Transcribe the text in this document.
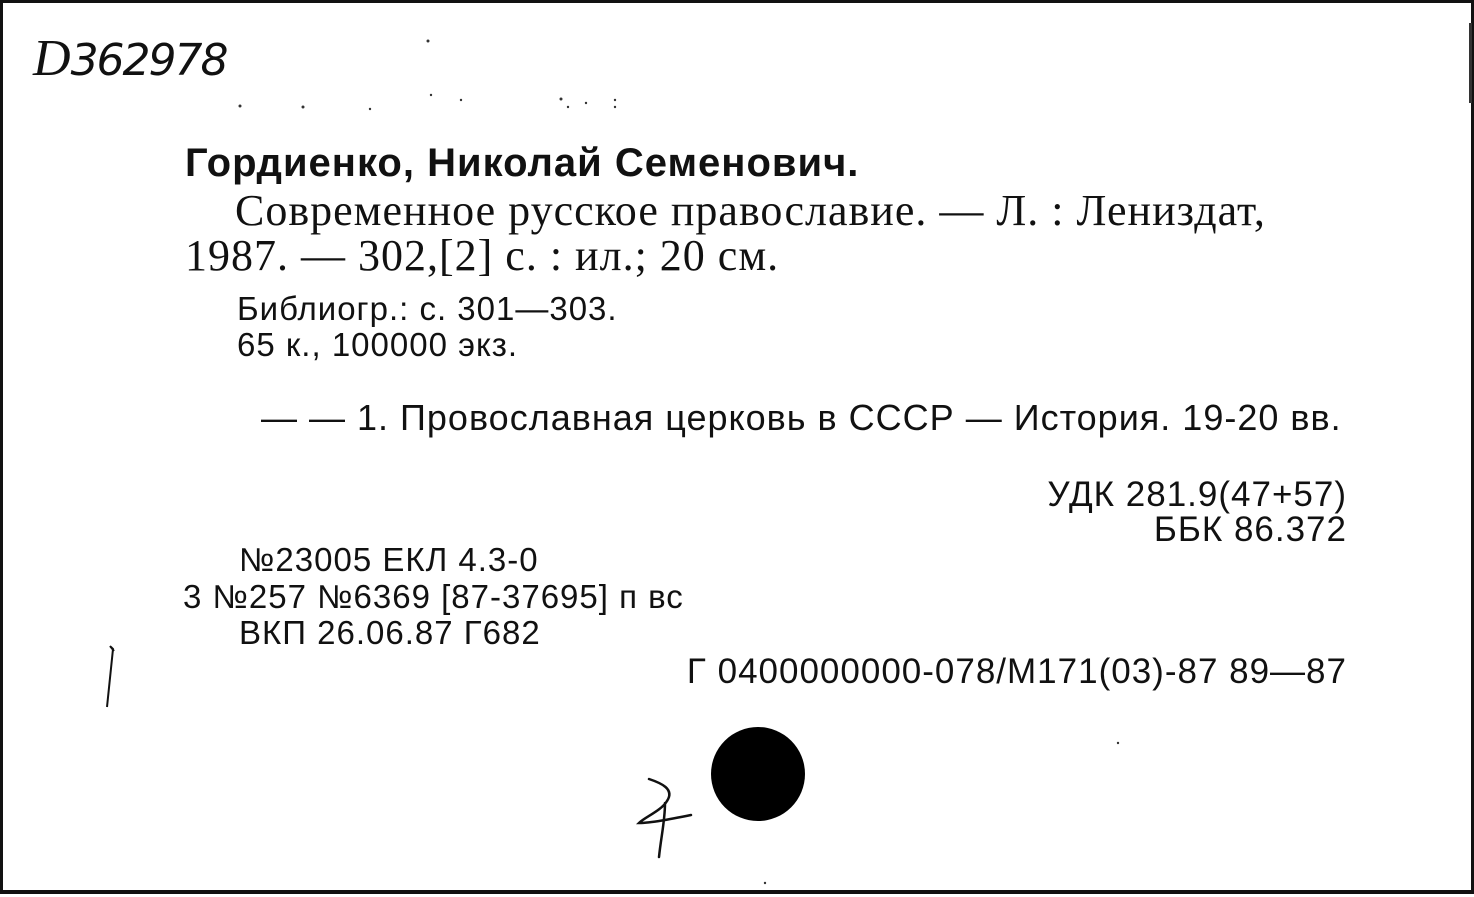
D362978
Гордиенко, Николай Семенович.
Современное русское православие. — Л. : Лениздат,
1987. — 302,[2] с. : ил.; 20 см.
Библиогр.: с. 301—303.
65 к., 100000 экз.
— — 1. Провославная церковь в СССР — История. 19-20 вв.
УДК 281.9(47+57)
ББК 86.372
№23005 ЕКЛ 4.3-0
3 №257 №6369 [87-37695] п вс
ВКП 26.06.87 Г682
Г 0400000000-078/М171(03)-87 89—87
